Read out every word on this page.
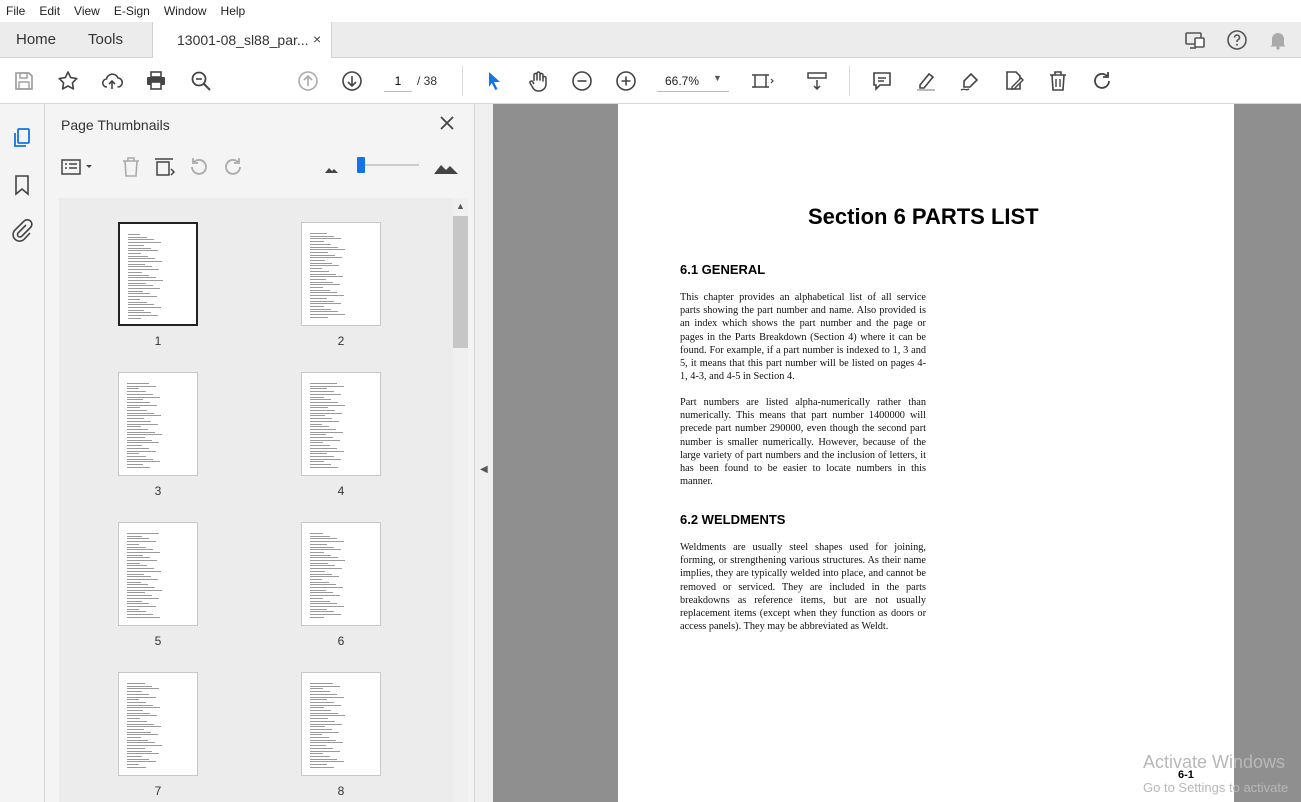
File Edit View E-Sign Window Help
Home Tools	13001-08_sl88_par... ×
1
/ 38	66.7% ▼
Page Thumbnails
1	2
3	4
5	6
7	8
▲
◀
Section 6 PARTS LIST
6.1 GENERAL

This chapter provides an alphabetical list of all service parts showing the part number and name. Also provided is an index which shows the part number and the page or pages in the Parts Breakdown (Section 4) where it can be found. For example, if a part number is indexed to 1, 3 and 5, it means that this part number will be listed on pages 4-1, 4-3, and 4-5 in Section 4.

Part numbers are listed alpha-numerically rather than numerically. This means that part number 1400000 will precede part number 290000, even though the second part number is smaller numerically. However, because of the large variety of part numbers and the inclusion of letters, it has been found to be easier to locate numbers in this manner.

6.2 WELDMENTS

Weldments are usually steel shapes used for joining, forming, or strengthening various structures. As their name implies, they are typically welded into place, and cannot be removed or serviced. They are included in the parts breakdowns as reference items, but are not usually replacement items (except when they function as doors or access panels). They may be abbreviated as Weldt.

6-1
Activate Windows
Go to Settings to activate
